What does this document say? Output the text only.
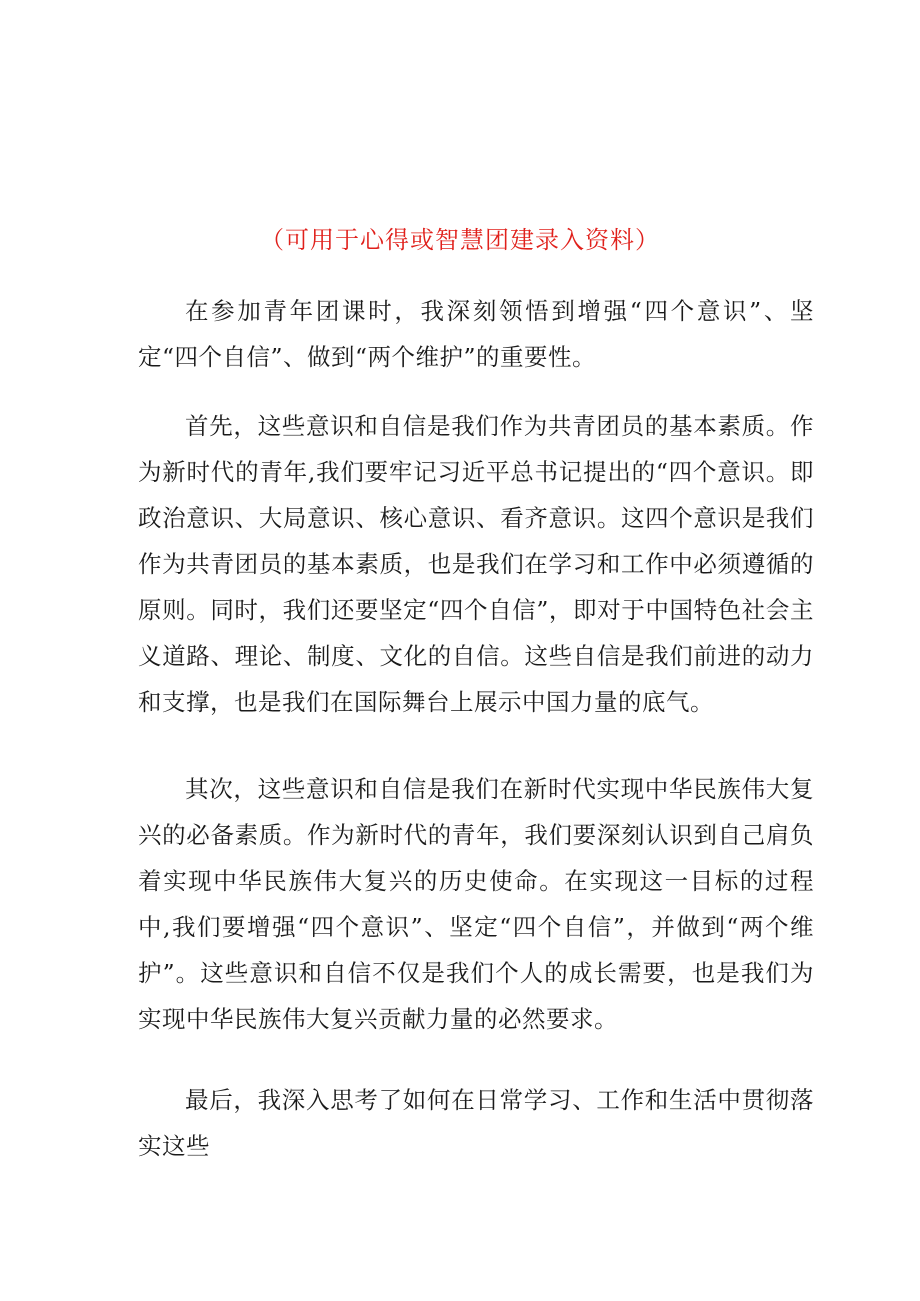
（可用于心得或智慧团建录入资料）

在参加青年团课时，我深刻领悟到增强“四个意识”、坚定“四个自信”、做到“两个维护”的重要性。

首先，这些意识和自信是我们作为共青团员的基本素质。作为新时代的青年,我们要牢记习近平总书记提出的“四个意识。即政治意识、大局意识、核心意识、看齐意识。这四个意识是我们作为共青团员的基本素质，也是我们在学习和工作中必须遵循的原则。同时，我们还要坚定“四个自信”，即对于中国特色社会主义道路、理论、制度、文化的自信。这些自信是我们前进的动力和支撑，也是我们在国际舞台上展示中国力量的底气。

其次，这些意识和自信是我们在新时代实现中华民族伟大复兴的必备素质。作为新时代的青年，我们要深刻认识到自己肩负着实现中华民族伟大复兴的历史使命。在实现这一目标的过程中,我们要增强“四个意识”、坚定“四个自信”，并做到“两个维护”。这些意识和自信不仅是我们个人的成长需要，也是我们为实现中华民族伟大复兴贡献力量的必然要求。

最后，我深入思考了如何在日常学习、工作和生活中贯彻落实这些
